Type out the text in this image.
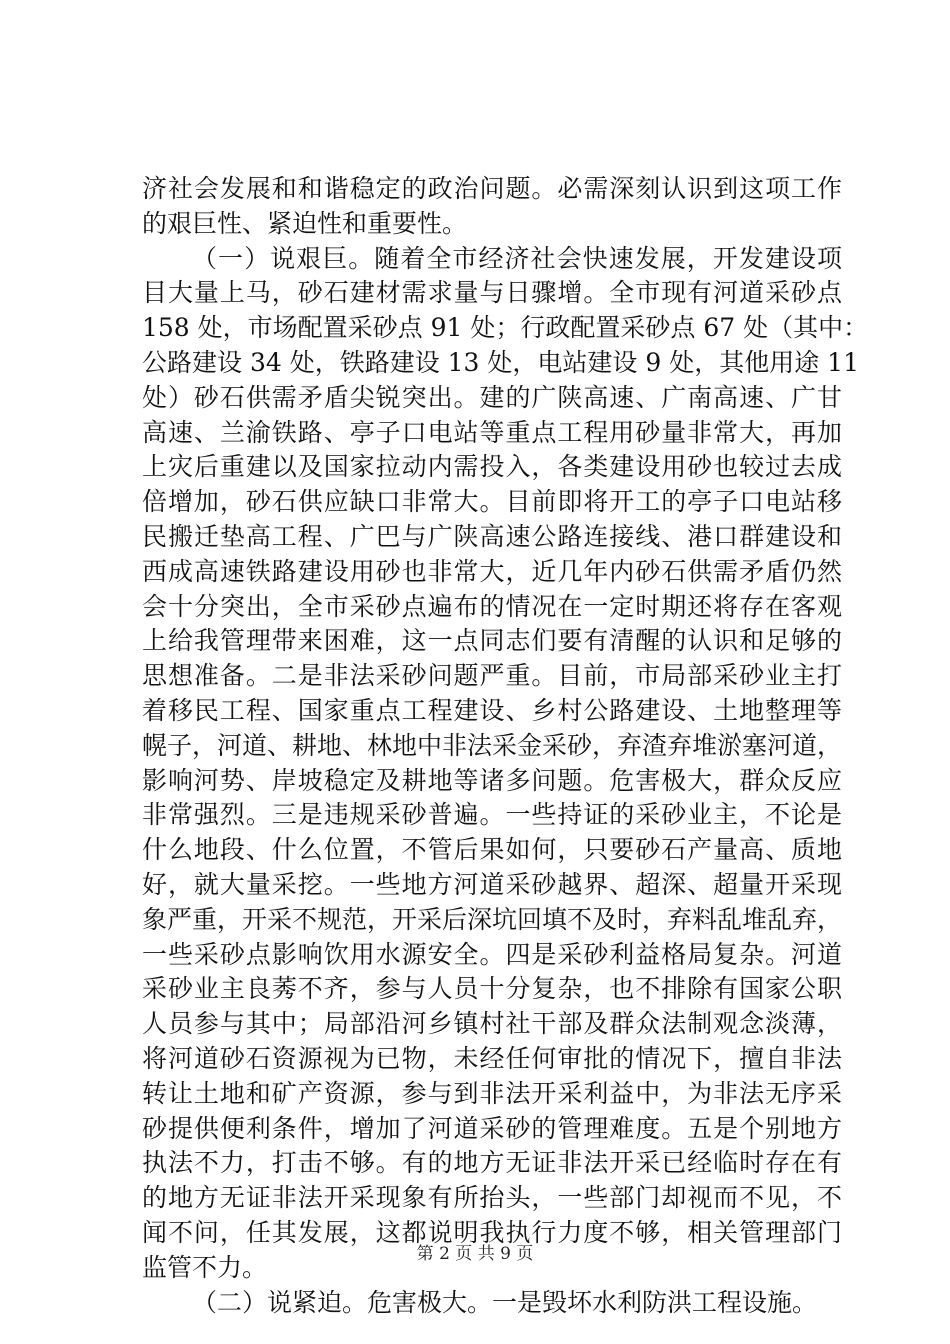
济社会发展和和谐稳定的政治问题。必需深刻认识到这项工作
的艰巨性、紧迫性和重要性。
（一）说艰巨。随着全市经济社会快速发展，开发建设项
目大量上马，砂石建材需求量与日骤增。全市现有河道采砂点
158 处，市场配置采砂点 91 处；行政配置采砂点 67 处（其中：
公路建设 34 处，铁路建设 13 处，电站建设 9 处，其他用途 11
处）砂石供需矛盾尖锐突出。建的广陕高速、广南高速、广甘
高速、兰渝铁路、亭子口电站等重点工程用砂量非常大，再加
上灾后重建以及国家拉动内需投入，各类建设用砂也较过去成
倍增加，砂石供应缺口非常大。目前即将开工的亭子口电站移
民搬迁垫高工程、广巴与广陕高速公路连接线、港口群建设和
西成高速铁路建设用砂也非常大，近几年内砂石供需矛盾仍然
会十分突出，全市采砂点遍布的情况在一定时期还将存在客观
上给我管理带来困难，这一点同志们要有清醒的认识和足够的
思想准备。二是非法采砂问题严重。目前，市局部采砂业主打
着移民工程、国家重点工程建设、乡村公路建设、土地整理等
幌子，河道、耕地、林地中非法采金采砂，弃渣弃堆淤塞河道，
影响河势、岸坡稳定及耕地等诸多问题。危害极大，群众反应
非常强烈。三是违规采砂普遍。一些持证的采砂业主，不论是
什么地段、什么位置，不管后果如何，只要砂石产量高、质地
好，就大量采挖。一些地方河道采砂越界、超深、超量开采现
象严重，开采不规范，开采后深坑回填不及时，弃料乱堆乱弃，
一些采砂点影响饮用水源安全。四是采砂利益格局复杂。河道
采砂业主良莠不齐，参与人员十分复杂，也不排除有国家公职
人员参与其中；局部沿河乡镇村社干部及群众法制观念淡薄，
将河道砂石资源视为已物，未经任何审批的情况下，擅自非法
转让土地和矿产资源，参与到非法开采利益中，为非法无序采
砂提供便利条件，增加了河道采砂的管理难度。五是个别地方
执法不力，打击不够。有的地方无证非法开采已经临时存在有
的地方无证非法开采现象有所抬头，一些部门却视而不见，不
闻不问，任其发展，这都说明我执行力度不够，相关管理部门
监管不力。
（二）说紧迫。危害极大。一是毁坏水利防洪工程设施。
第 2 页 共 9 页
